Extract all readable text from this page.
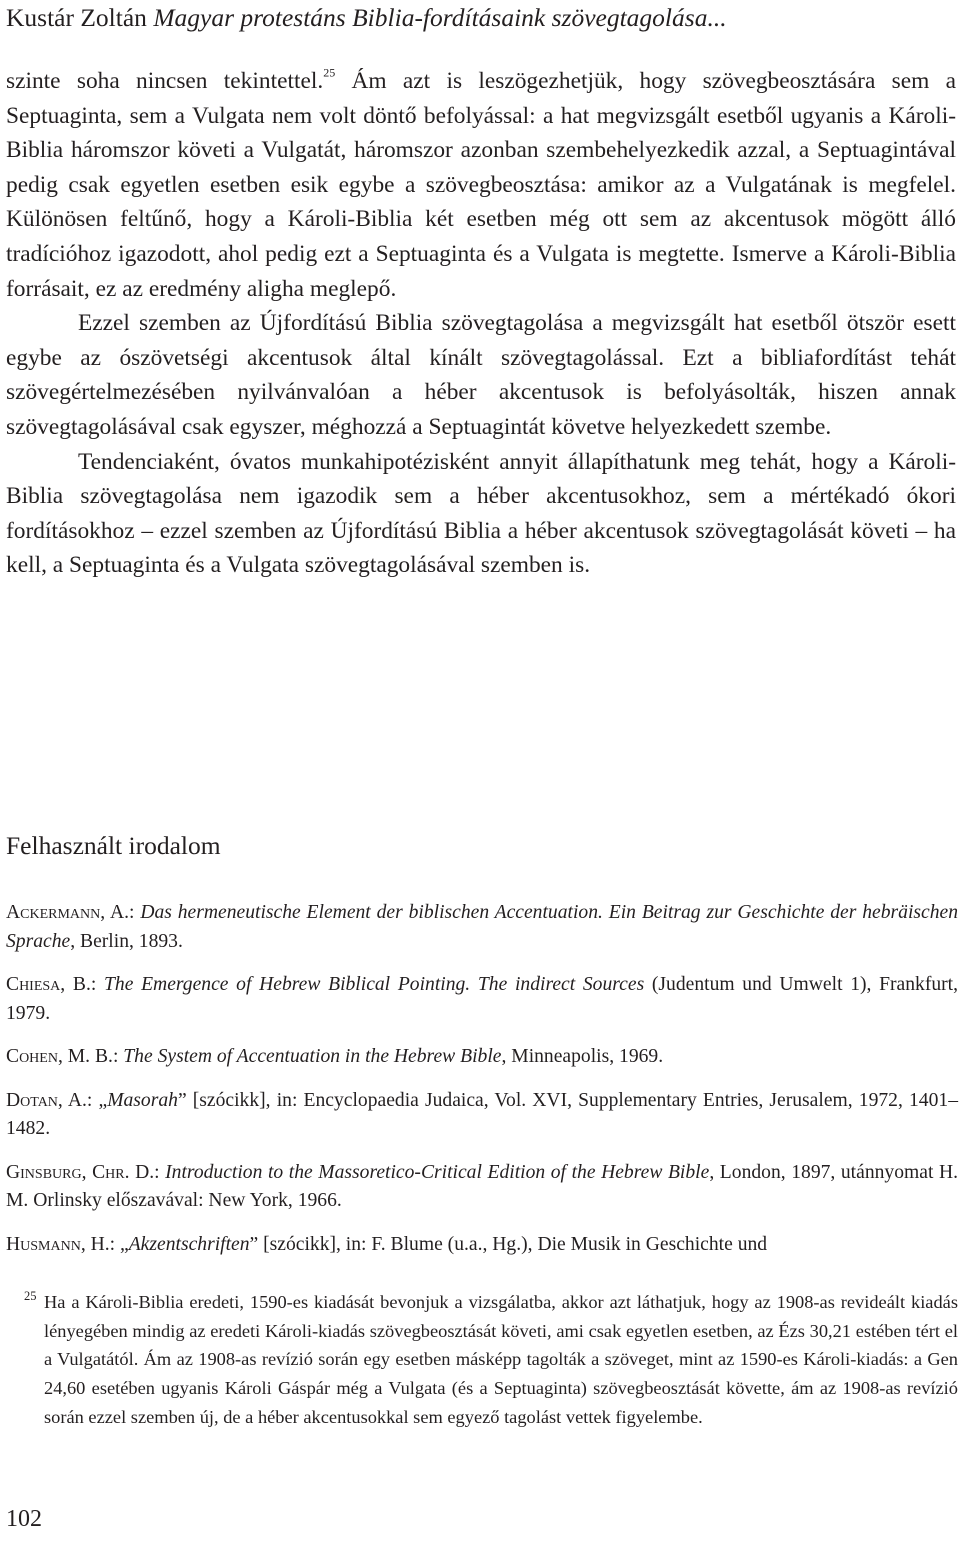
Kustár Zoltán Magyar protestáns Biblia-fordításaink szövegtagolása...

szinte soha nincsen tekintettel.$^{25}$ Ám azt is leszögezhetjük, hogy szövegbeosztására sem a Septuaginta, sem a Vulgata nem volt döntő befolyással: a hat megvizsgált esetből ugyanis a Károli-Biblia háromszor követi a Vulgatát, háromszor azonban szembehelyezkedik azzal, a Septuagintával pedig csak egyetlen esetben esik egybe a szövegbeosztása: amikor az a Vulgatának is megfelel. Különösen feltűnő, hogy a Károli-Biblia két esetben még ott sem az akcentusok mögött álló tradícióhoz igazodott, ahol pedig ezt a Septuaginta és a Vulgata is megtette. Ismerve a Károli-Biblia forrásait, ez az eredmény aligha meglepő.

Ezzel szemben az Újfordítású Biblia szövegtagolása a megvizsgált hat esetből ötször esett egybe az ószövetségi akcentusok által kínált szövegtagolással. Ezt a bibliafordítást tehát szövegértelmezésében nyilvánvalóan a héber akcentusok is befolyásolták, hiszen annak szövegtagolásával csak egyszer, méghozzá a Septuagintát követve helyezkedett szembe.

Tendenciaként, óvatos munkahipotézisként annyit állapíthatunk meg tehát, hogy a Károli-Biblia szövegtagolása nem igazodik sem a héber akcentusokhoz, sem a mértékadó ókori fordításokhoz – ezzel szemben az Újfordítású Biblia a héber akcentusok szövegtagolását követi – ha kell, a Septuaginta és a Vulgata szövegtagolásával szemben is.

Felhasznált irodalom
Ackermann, A.: Das hermeneutische Element der biblischen Accentuation. Ein Beitrag zur Geschichte der hebräischen Sprache, Berlin, 1893.
Chiesa, B.: The Emergence of Hebrew Biblical Pointing. The indirect Sources (Judentum und Umwelt 1), Frankfurt, 1979.
Cohen, M. B.: The System of Accentuation in the Hebrew Bible, Minneapolis, 1969.
Dotan, A.: „Masorah” [szócikk], in: Encyclopaedia Judaica, Vol. XVI, Supplementary Entries, Jerusalem, 1972, 1401–1482.
Ginsburg, Chr. D.: Introduction to the Massoretico-Critical Edition of the Hebrew Bible, London, 1897, utánnyomat H. M. Orlinsky előszavával: New York, 1966.
Husmann, H.: „Akzentschriften” [szócikk], in: F. Blume (u.a., Hg.), Die Musik in Geschichte und
25 Ha a Károli-Biblia eredeti, 1590-es kiadását bevonjuk a vizsgálatba, akkor azt láthatjuk, hogy az 1908-as revideált kiadás lényegében mindig az eredeti Károli-kiadás szövegbeosztását követi, ami csak egyetlen esetben, az Ézs 30,21 estében tért el a Vulgatától. Ám az 1908-as revízió során egy esetben másképp tagolták a szöveget, mint az 1590-es Károli-kiadás: a Gen 24,60 esetében ugyanis Károli Gáspár még a Vulgata (és a Septuaginta) szövegbeosztását követte, ám az 1908-as revízió során ezzel szemben új, de a héber akcentusokkal sem egyező tagolást vettek figyelembe.
102
